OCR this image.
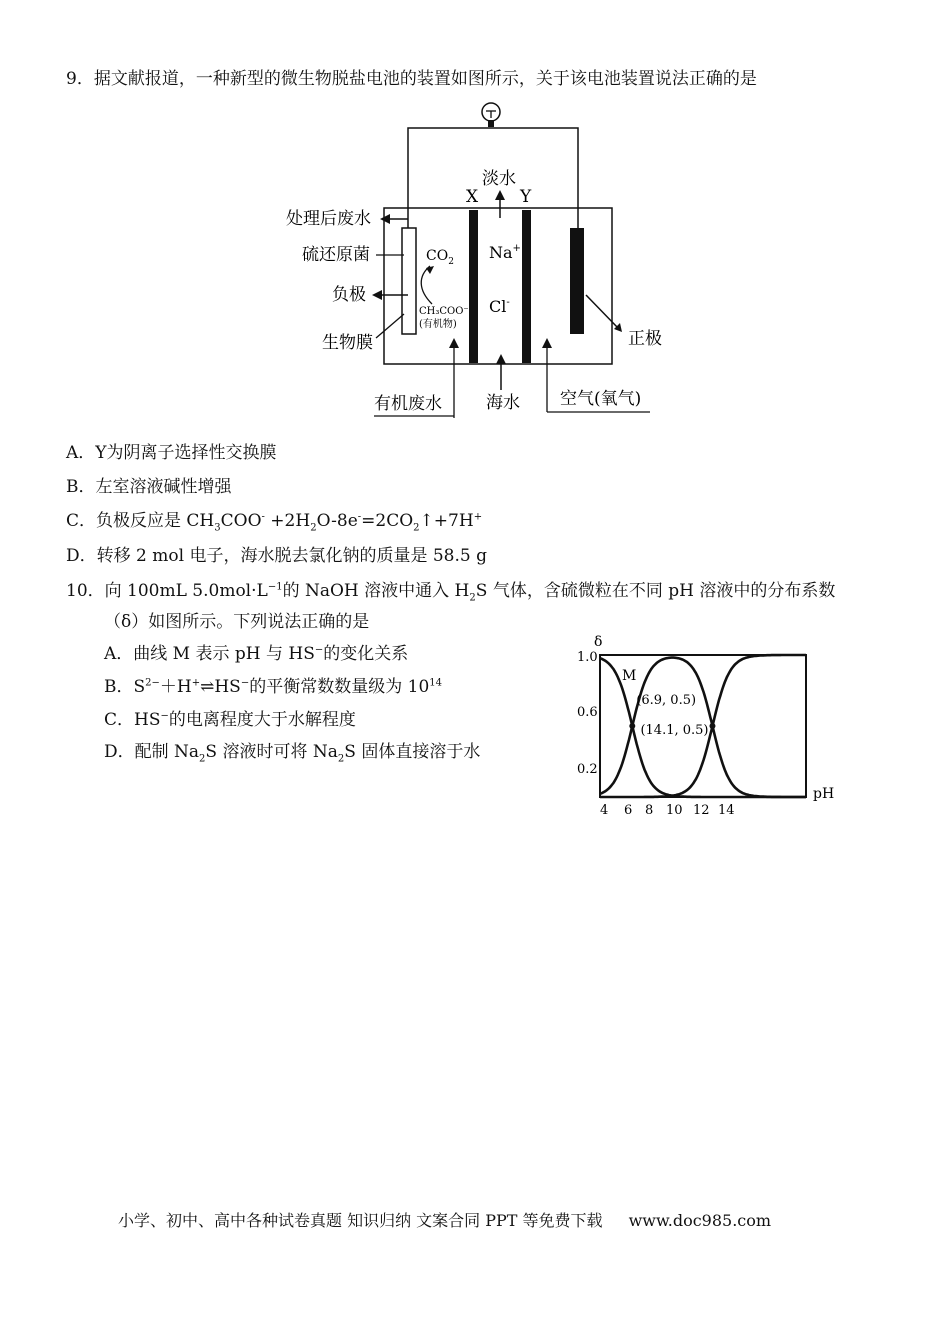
9．据文献报道，一种新型的微生物脱盐电池的装置如图所示，关于该电池装置说法正确的是
X Y
淡水
处理后废水
硫还原菌
负极
生物膜
$CO_2$
CH₃COO⁻
(有机物)
Na+
Cl-
正极
有机废水	海水 空气(氧气)
A．Y为阴离子选择性交换膜
B．左室溶液碱性增强
C．负极反应是 $CH_3COO^-$ $+2H_2O-8e^-=2CO_2↑+7H^+$
D．转移 2 mol 电子，海水脱去氯化钠的质量是 58.5 g
10．向 100mL $5.0mol\cdot L^{-1}$的 NaOH 溶液中通入 $H_2S$ 气体，含硫微粒在不同 pH 溶液中的分布系数
（δ）如图所示。下列说法正确的是
A．曲线 M 表示 pH 与 HS−的变化关系
B．$S^{2-}+H^+\rightleftharpoons HS^-$的平衡常数数量级为 $10^{14}$
C．HS−的电离程度大于水解程度
D．配制 $Na_2S$ 溶液时可将 $Na_2S$ 固体直接溶于水
δ
1.0
0.6
0.2
4 6 8 10 12 14
pH
M
(6.9, 0.5)
(14.1, 0.5)
小学、初中、高中各种试卷真题 知识归纳 文案合同 PPT 等免费下载 www.doc985.com
